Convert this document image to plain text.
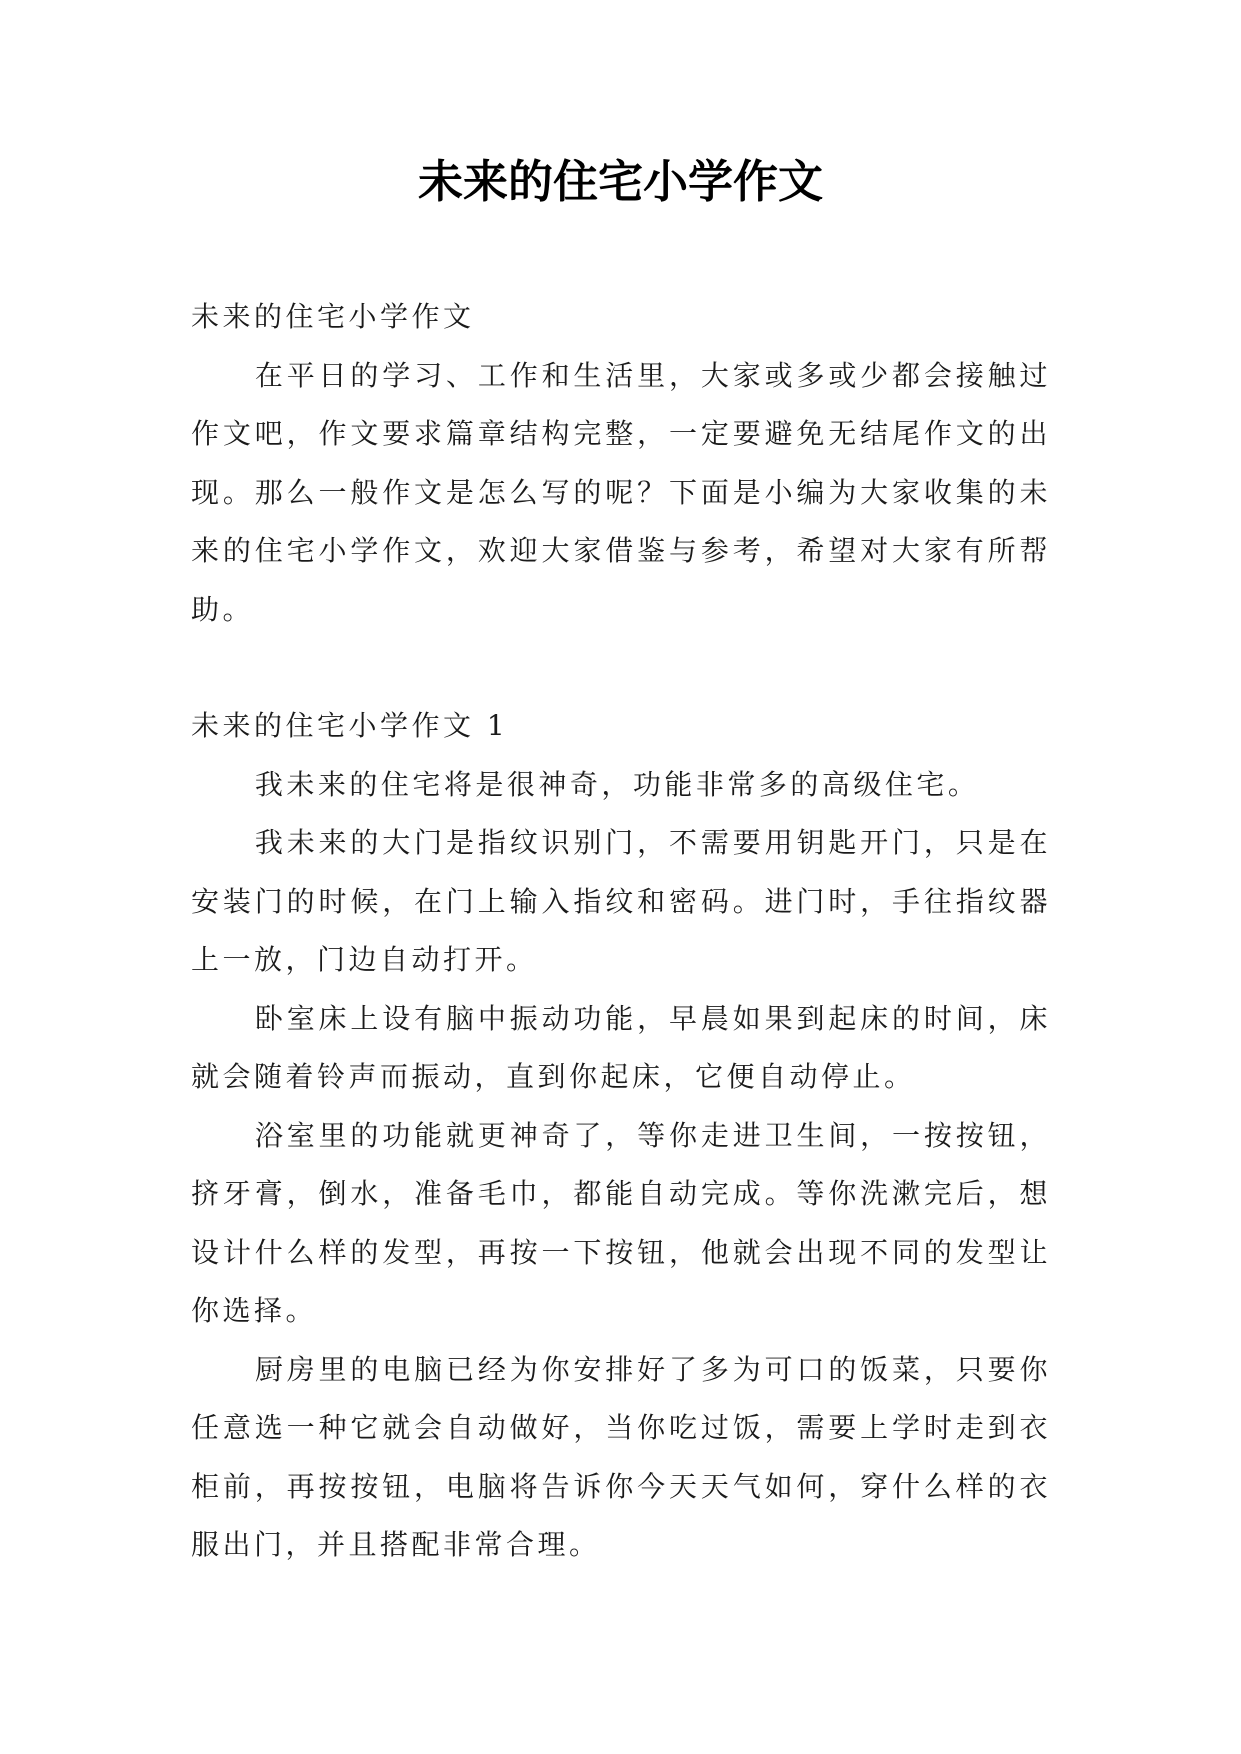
未来的住宅小学作文

未来的住宅小学作文

在平日的学习、工作和生活里，大家或多或少都会接触过作文吧，作文要求篇章结构完整，一定要避免无结尾作文的出现。那么一般作文是怎么写的呢？下面是小编为大家收集的未来的住宅小学作文，欢迎大家借鉴与参考，希望对大家有所帮助。

未来的住宅小学作文 1

我未来的住宅将是很神奇，功能非常多的高级住宅。

我未来的大门是指纹识别门，不需要用钥匙开门，只是在安装门的时候，在门上输入指纹和密码。进门时，手往指纹器上一放，门边自动打开。

卧室床上设有脑中振动功能，早晨如果到起床的时间，床就会随着铃声而振动，直到你起床，它便自动停止。

浴室里的功能就更神奇了，等你走进卫生间，一按按钮，挤牙膏，倒水，准备毛巾，都能自动完成。等你洗漱完后，想设计什么样的发型，再按一下按钮，他就会出现不同的发型让你选择。

厨房里的电脑已经为你安排好了多为可口的饭菜，只要你任意选一种它就会自动做好，当你吃过饭，需要上学时走到衣柜前，再按按钮，电脑将告诉你今天天气如何，穿什么样的衣服出门，并且搭配非常合理。
